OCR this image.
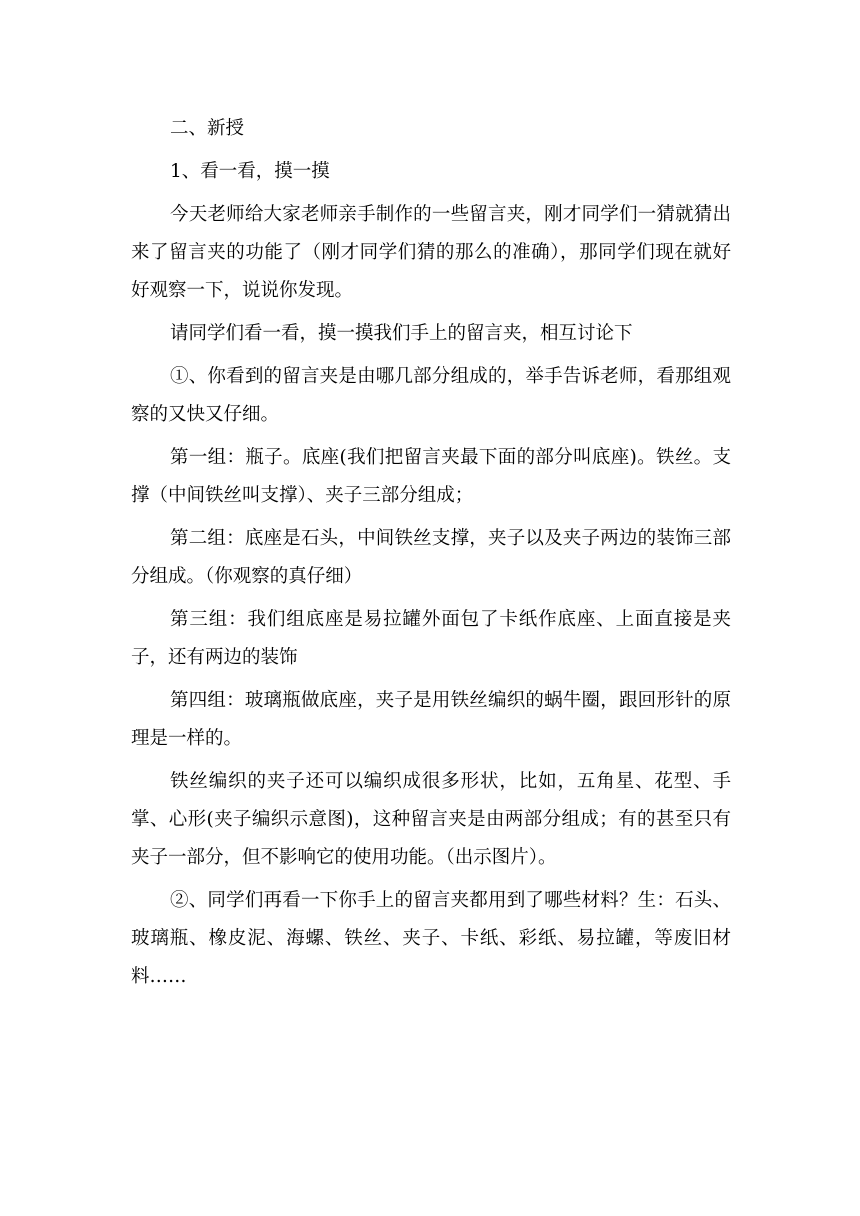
二、新授

1、看一看，摸一摸

今天老师给大家老师亲手制作的一些留言夹，刚才同学们一猜就猜出来了留言夹的功能了（刚才同学们猜的那么的准确），那同学们现在就好好观察一下，说说你发现。

请同学们看一看，摸一摸我们手上的留言夹，相互讨论下

①、你看到的留言夹是由哪几部分组成的，举手告诉老师，看那组观察的又快又仔细。

第一组：瓶子。底座(我们把留言夹最下面的部分叫底座)。铁丝。支撑（中间铁丝叫支撑）、夹子三部分组成；

第二组：底座是石头，中间铁丝支撑，夹子以及夹子两边的装饰三部分组成。（你观察的真仔细）

第三组：我们组底座是易拉罐外面包了卡纸作底座、上面直接是夹子，还有两边的装饰

第四组：玻璃瓶做底座，夹子是用铁丝编织的蜗牛圈，跟回形针的原理是一样的。

铁丝编织的夹子还可以编织成很多形状，比如，五角星、花型、手掌、心形(夹子编织示意图)，这种留言夹是由两部分组成；有的甚至只有夹子一部分，但不影响它的使用功能。（出示图片）。

②、同学们再看一下你手上的留言夹都用到了哪些材料？生：石头、玻璃瓶、橡皮泥、海螺、铁丝、夹子、卡纸、彩纸、易拉罐，等废旧材料……
